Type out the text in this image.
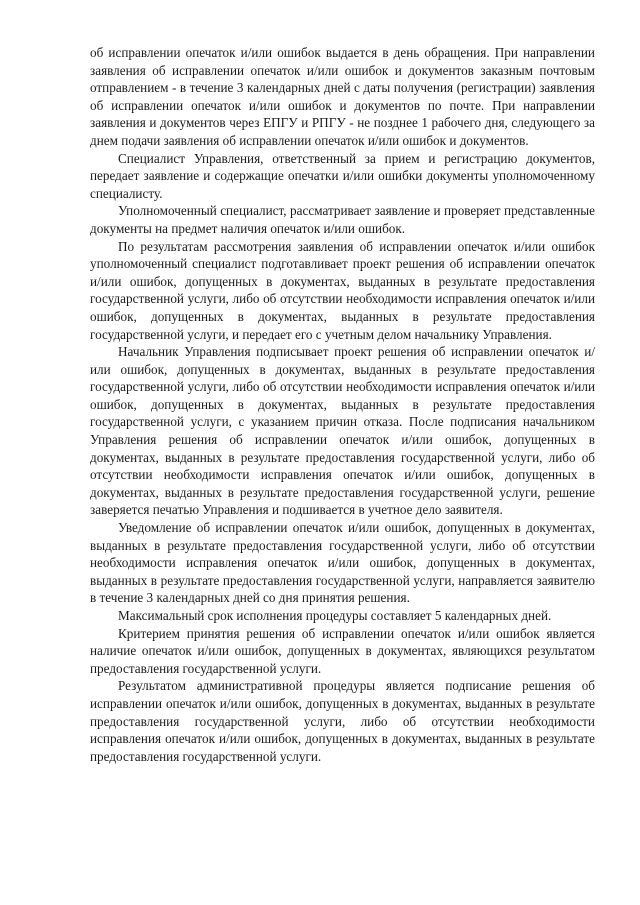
об исправлении опечаток и/или ошибок выдается в день обращения. При направлении заявления об исправлении опечаток и/или ошибок и документов заказным почтовым отправлением - в течение 3 календарных дней с даты получения (регистрации) заявления об исправлении опечаток и/или ошибок и документов по почте. При направлении заявления и документов через ЕПГУ и РПГУ - не позднее 1 рабочего дня, следующего за днем подачи заявления об исправлении опечаток и/или ошибок и документов.

Специалист Управления, ответственный за прием и регистрацию документов, передает заявление и содержащие опечатки и/или ошибки документы уполномоченному специалисту.

Уполномоченный специалист, рассматривает заявление и проверяет представленные документы на предмет наличия опечаток и/или ошибок.

По результатам рассмотрения заявления об исправлении опечаток и/или ошибок уполномоченный специалист подготавливает проект решения об исправлении опечаток и/или ошибок, допущенных в документах, выданных в результате предоставления государственной услуги, либо об отсутствии необходимости исправления опечаток и/или ошибок, допущенных в документах, выданных в результате предоставления государственной услуги, и передает его с учетным делом начальнику Управления.

Начальник Управления подписывает проект решения об исправлении опечаток и/или ошибок, допущенных в документах, выданных в результате предоставления государственной услуги, либо об отсутствии необходимости исправления опечаток и/или ошибок, допущенных в документах, выданных в результате предоставления государственной услуги, с указанием причин отказа. После подписания начальником Управления решения об исправлении опечаток и/или ошибок, допущенных в документах, выданных в результате предоставления государственной услуги, либо об отсутствии необходимости исправления опечаток и/или ошибок, допущенных в документах, выданных в результате предоставления государственной услуги, решение заверяется печатью Управления и подшивается в учетное дело заявителя.

Уведомление об исправлении опечаток и/или ошибок, допущенных в документах, выданных в результате предоставления государственной услуги, либо об отсутствии необходимости исправления опечаток и/или ошибок, допущенных в документах, выданных в результате предоставления государственной услуги, направляется заявителю в течение 3 календарных дней со дня принятия решения.

Максимальный срок исполнения процедуры составляет 5 календарных дней.

Критерием принятия решения об исправлении опечаток и/или ошибок является наличие опечаток и/или ошибок, допущенных в документах, являющихся результатом предоставления государственной услуги.

Результатом административной процедуры является подписание решения об исправлении опечаток и/или ошибок, допущенных в документах, выданных в результате предоставления государственной услуги, либо об отсутствии необходимости исправления опечаток и/или ошибок, допущенных в документах, выданных в результате предоставления государственной услуги.
